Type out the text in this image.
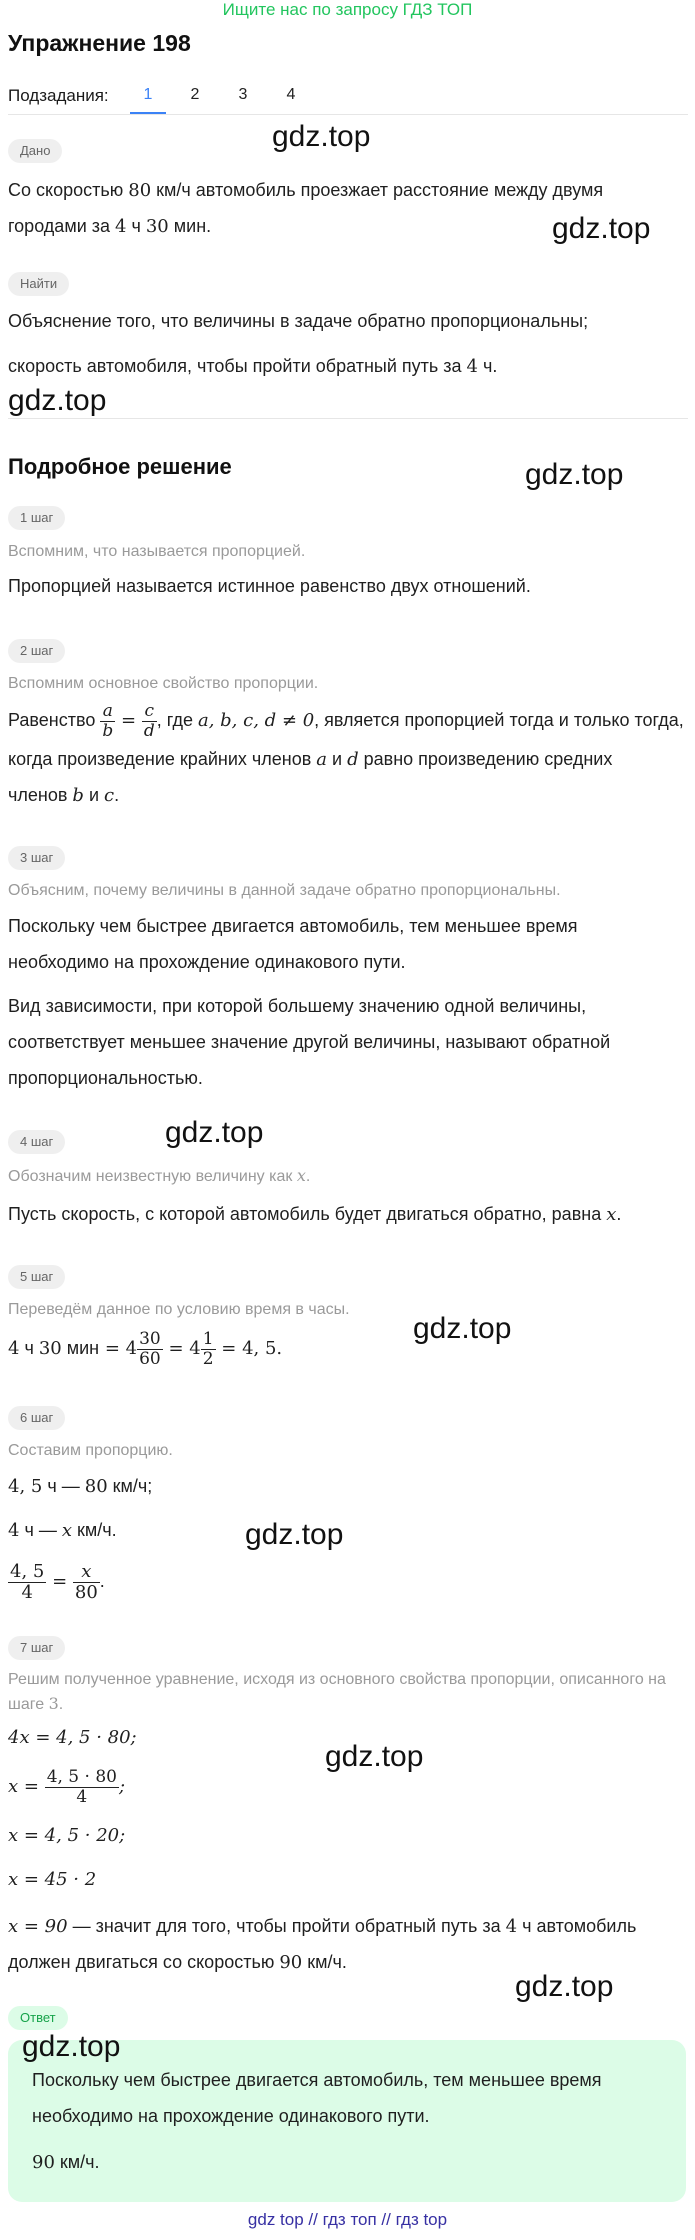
Ищите нас по запросу ГДЗ ТОП
Упражнение 198
Подзадания:	1	2	3	4
Дано	gdz.top
Со скоростью 80 км/ч автомобиль проезжает расстояние между двумя
городами за 4 ч 30 мин.	gdz.top
Найти
Объяснение того, что величины в задаче обратно пропорциональны;
скорость автомобиля, чтобы пройти обратный путь за 4 ч.
gdz.top
Подробное решение	gdz.top
1 шаг
Вспомним, что называется пропорцией.
Пропорцией называется истинное равенство двух отношений.
2 шаг
Вспомним основное свойство пропорции.
Равенство $\frac{a}{b} = \frac{c}{d}$ , где a, b, c, d ≠ 0, является пропорцией тогда и только тогда,
когда произведение крайних членов a и d равно произведению средних
членов b и c.
3 шаг
Объясним, почему величины в данной задаче обратно пропорциональны.
Поскольку чем быстрее двигается автомобиль, тем меньшее время
необходимо на прохождение одинакового пути.
Вид зависимости, при которой большему значению одной величины,
соответствует меньшее значение другой величины, называют обратной
пропорциональностью.
4 шаг	gdz.top
Обозначим неизвестную величину как x.
Пусть скорость, с которой автомобиль будет двигаться обратно, равна x.
5 шаг
Переведём данное по условию время в часы.
gdz.top
4 ч 30 мин = $4 \frac{30}{60} = 4 \frac{1}{2} = 4$, 5.
6 шаг
Составим пропорцию.
4, 5 ч — 80 км/ч;
4 ч — x км/ч.	gdz.top
$\frac{4, 5}{4} = \frac{x}{80}$ .
7 шаг
Решим полученное уравнение, исходя из основного свойства пропорции, описанного на
шаге 3.
4x = 4, 5 · 80;
gdz.top
$x = \frac{4, 5 \cdot 80}{4}$ ;
x = 4, 5 · 20;
x = 45 · 2
x = 90 — значит для того, чтобы пройти обратный путь за 4 ч автомобиль
должен двигаться со скоростью 90 км/ч.
gdz.top
Ответ
gdz.top
Поскольку чем быстрее двигается автомобиль, тем меньшее время
необходимо на прохождение одинакового пути.
90 км/ч.
gdz top // гдз топ // гдз top
